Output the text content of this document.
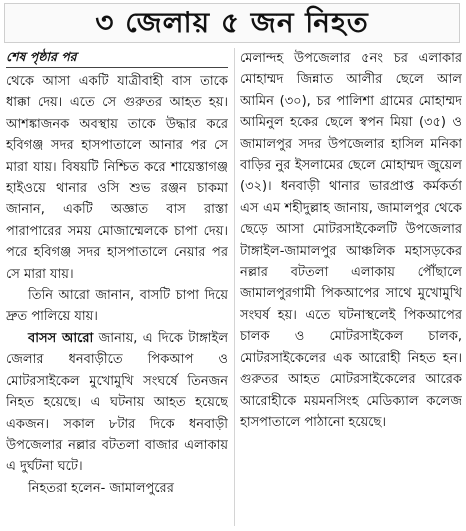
৩ জেলায় ৫ জন নিহত
শেষ পৃষ্ঠার পর

থেকে আসা একটি যাত্রীবাহী বাস তাকে ধাক্কা দেয়। এতে সে গুরুতর আহত হয়। আশঙ্কাজনক অবস্থায় তাকে উদ্ধার করে হবিগঞ্জ সদর হাসপাতালে আনার পর সে মারা যায়। বিষয়টি নিশ্চিত করে শায়েস্তাগঞ্জ হাইওয়ে থানার ওসি শুভ রঞ্জন চাকমা জানান, একটি অজ্ঞাত বাস রাস্তা পারাপারের সময় মোজাম্মেলকে চাপা দেয়। পরে হবিগঞ্জ সদর হাসপাতালে নেয়ার পর সে মারা যায়।

তিনি আরো জানান, বাসটি চাপা দিয়ে দ্রুত পালিয়ে যায়।

বাসস আরো জানায়, এ দিকে টাঙ্গাইল জেলার ধনবাড়ীতে পিকআপ ও মোটরসাইকেল মুখোমুখি সংঘর্ষে তিনজন নিহত হয়েছে। এ ঘটনায় আহত হয়েছে একজন। সকাল ৮টার দিকে ধনবাড়ী উপজেলার নল্লার বটতলা বাজার এলাকায় এ দুর্ঘটনা ঘটে।

নিহতরা হলেন- জামালপুরের

মেলান্দহ উপজেলার ৫নং চর এলাকার মোহাম্মদ জিন্নাত আলীর ছেলে আল আমিন (৩০), চর পালিশা গ্রামের মোহাম্মদ আমিনুল হকের ছেলে স্বপন মিয়া (৩৫) ও জামালপুর সদর উপজেলার হাসিল মনিকা বাড়ির নুর ইসলামের ছেলে মোহাম্মদ জুয়েল (৩২)। ধনবাড়ী থানার ভারপ্রাপ্ত কর্মকর্তা এস এম শহীদুল্লাহ জানায়, জামালপুর থেকে ছেড়ে আসা মোটরসাইকেলটি উপজেলার টাঙ্গাইল-জামালপুর আঞ্চলিক মহাসড়কের নল্লার বটতলা এলাকায় পৌঁছালে জামালপুরগামী পিকআপের সাথে মুখোমুখি সংঘর্ষ হয়। এতে ঘটনাস্থলেই পিকআপের চালক ও মোটরসাইকেল চালক, মোটরসাইকেলের এক আরোহী নিহত হন। গুরুতর আহত মোটরসাইকেলের আরেক আরোহীকে ময়মনসিংহ মেডিক্যাল কলেজ হাসপাতালে পাঠানো হয়েছে।
